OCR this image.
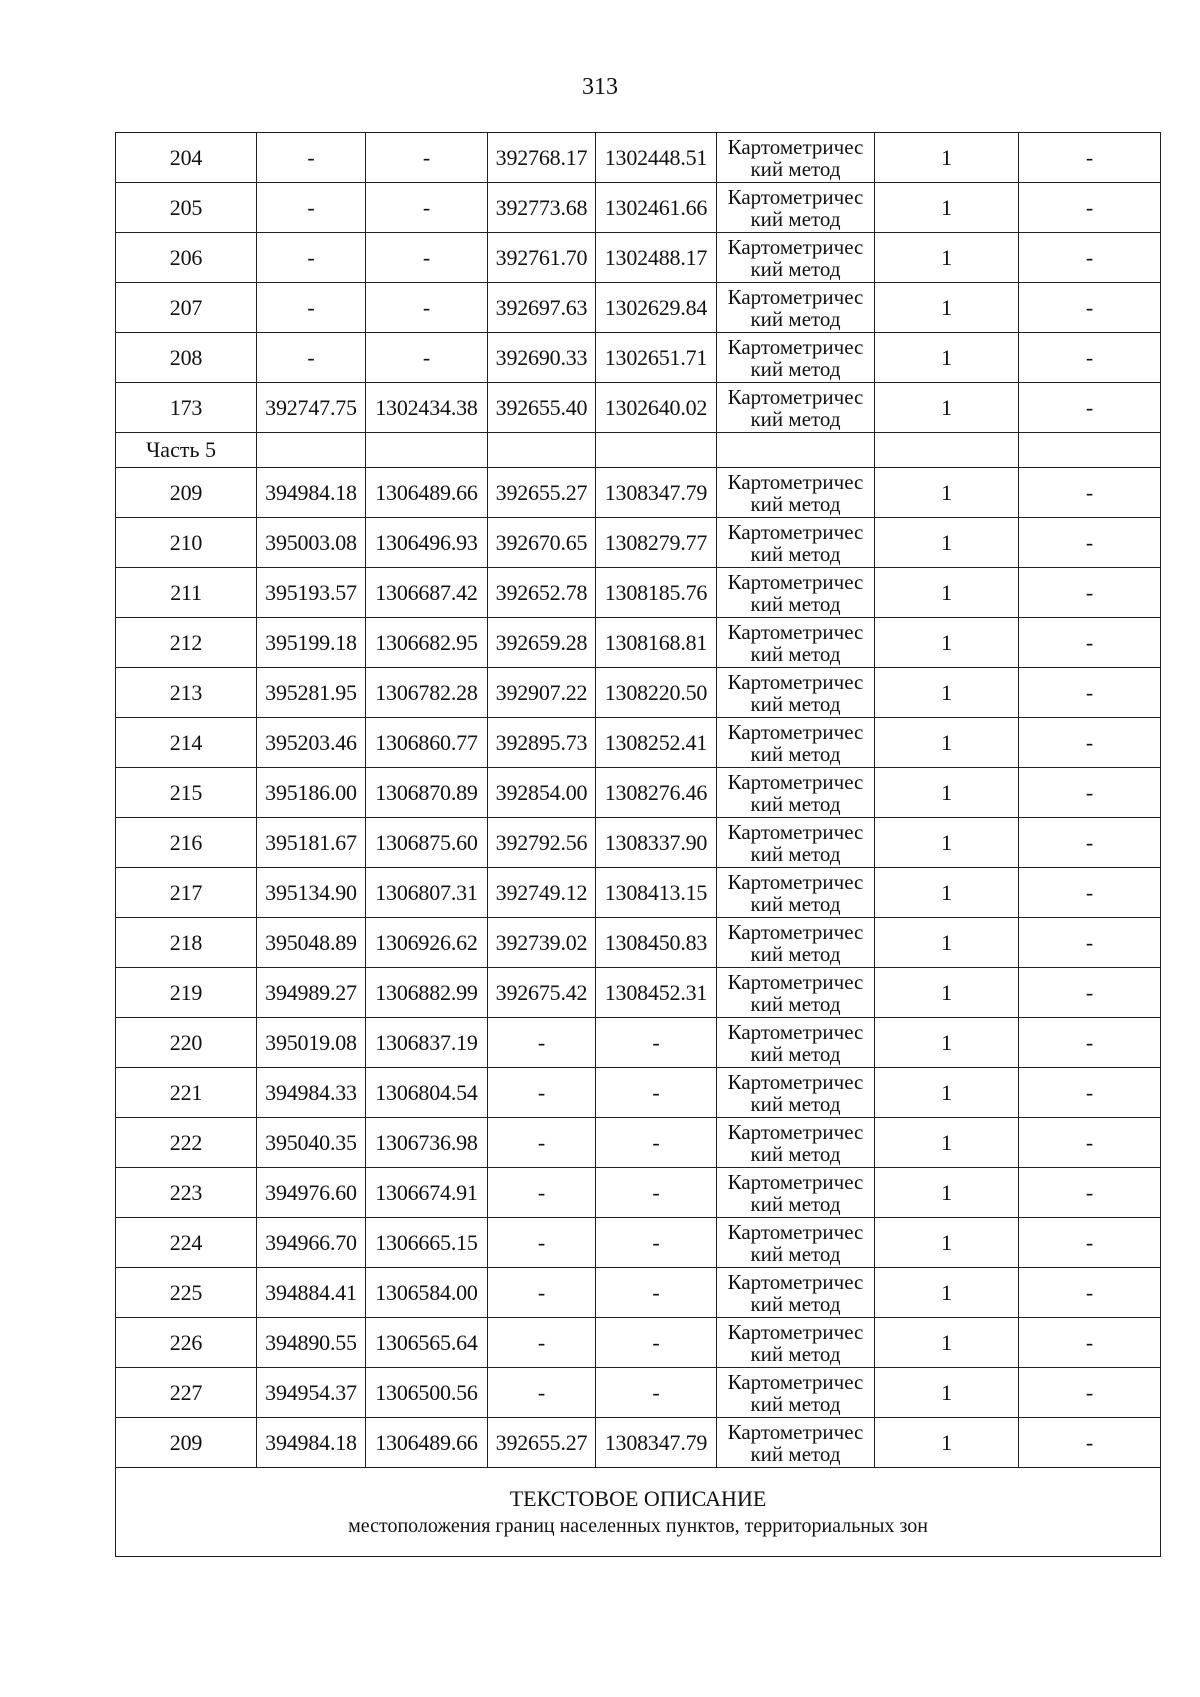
313
204	-	-	392768.17	1302448.51	Картометричес
кий метод	1	-
205	-	-	392773.68	1302461.66	Картометричес
кий метод	1	-
206	-	-	392761.70	1302488.17	Картометричес
кий метод	1	-
207	-	-	392697.63	1302629.84	Картометричес
кий метод	1	-
208	-	-	392690.33	1302651.71	Картометричес
кий метод	1	-
173	392747.75	1302434.38	392655.40	1302640.02	Картометричес
кий метод	1	-
Часть 5							
209	394984.18	1306489.66	392655.27	1308347.79	Картометричес
кий метод	1	-
210	395003.08	1306496.93	392670.65	1308279.77	Картометричес
кий метод	1	-
211	395193.57	1306687.42	392652.78	1308185.76	Картометричес
кий метод	1	-
212	395199.18	1306682.95	392659.28	1308168.81	Картометричес
кий метод	1	-
213	395281.95	1306782.28	392907.22	1308220.50	Картометричес
кий метод	1	-
214	395203.46	1306860.77	392895.73	1308252.41	Картометричес
кий метод	1	-
215	395186.00	1306870.89	392854.00	1308276.46	Картометричес
кий метод	1	-
216	395181.67	1306875.60	392792.56	1308337.90	Картометричес
кий метод	1	-
217	395134.90	1306807.31	392749.12	1308413.15	Картометричес
кий метод	1	-
218	395048.89	1306926.62	392739.02	1308450.83	Картометричес
кий метод	1	-
219	394989.27	1306882.99	392675.42	1308452.31	Картометричес
кий метод	1	-
220	395019.08	1306837.19	-	-	Картометричес
кий метод	1	-
221	394984.33	1306804.54	-	-	Картометричес
кий метод	1	-
222	395040.35	1306736.98	-	-	Картометричес
кий метод	1	-
223	394976.60	1306674.91	-	-	Картометричес
кий метод	1	-
224	394966.70	1306665.15	-	-	Картометричес
кий метод	1	-
225	394884.41	1306584.00	-	-	Картометричес
кий метод	1	-
226	394890.55	1306565.64	-	-	Картометричес
кий метод	1	-
227	394954.37	1306500.56	-	-	Картометричес
кий метод	1	-
209	394984.18	1306489.66	392655.27	1308347.79	Картометричес
кий метод	1	-

ТЕКСТОВОЕ ОПИСАНИЕ
местоположения границ населенных пунктов, территориальных зон							
